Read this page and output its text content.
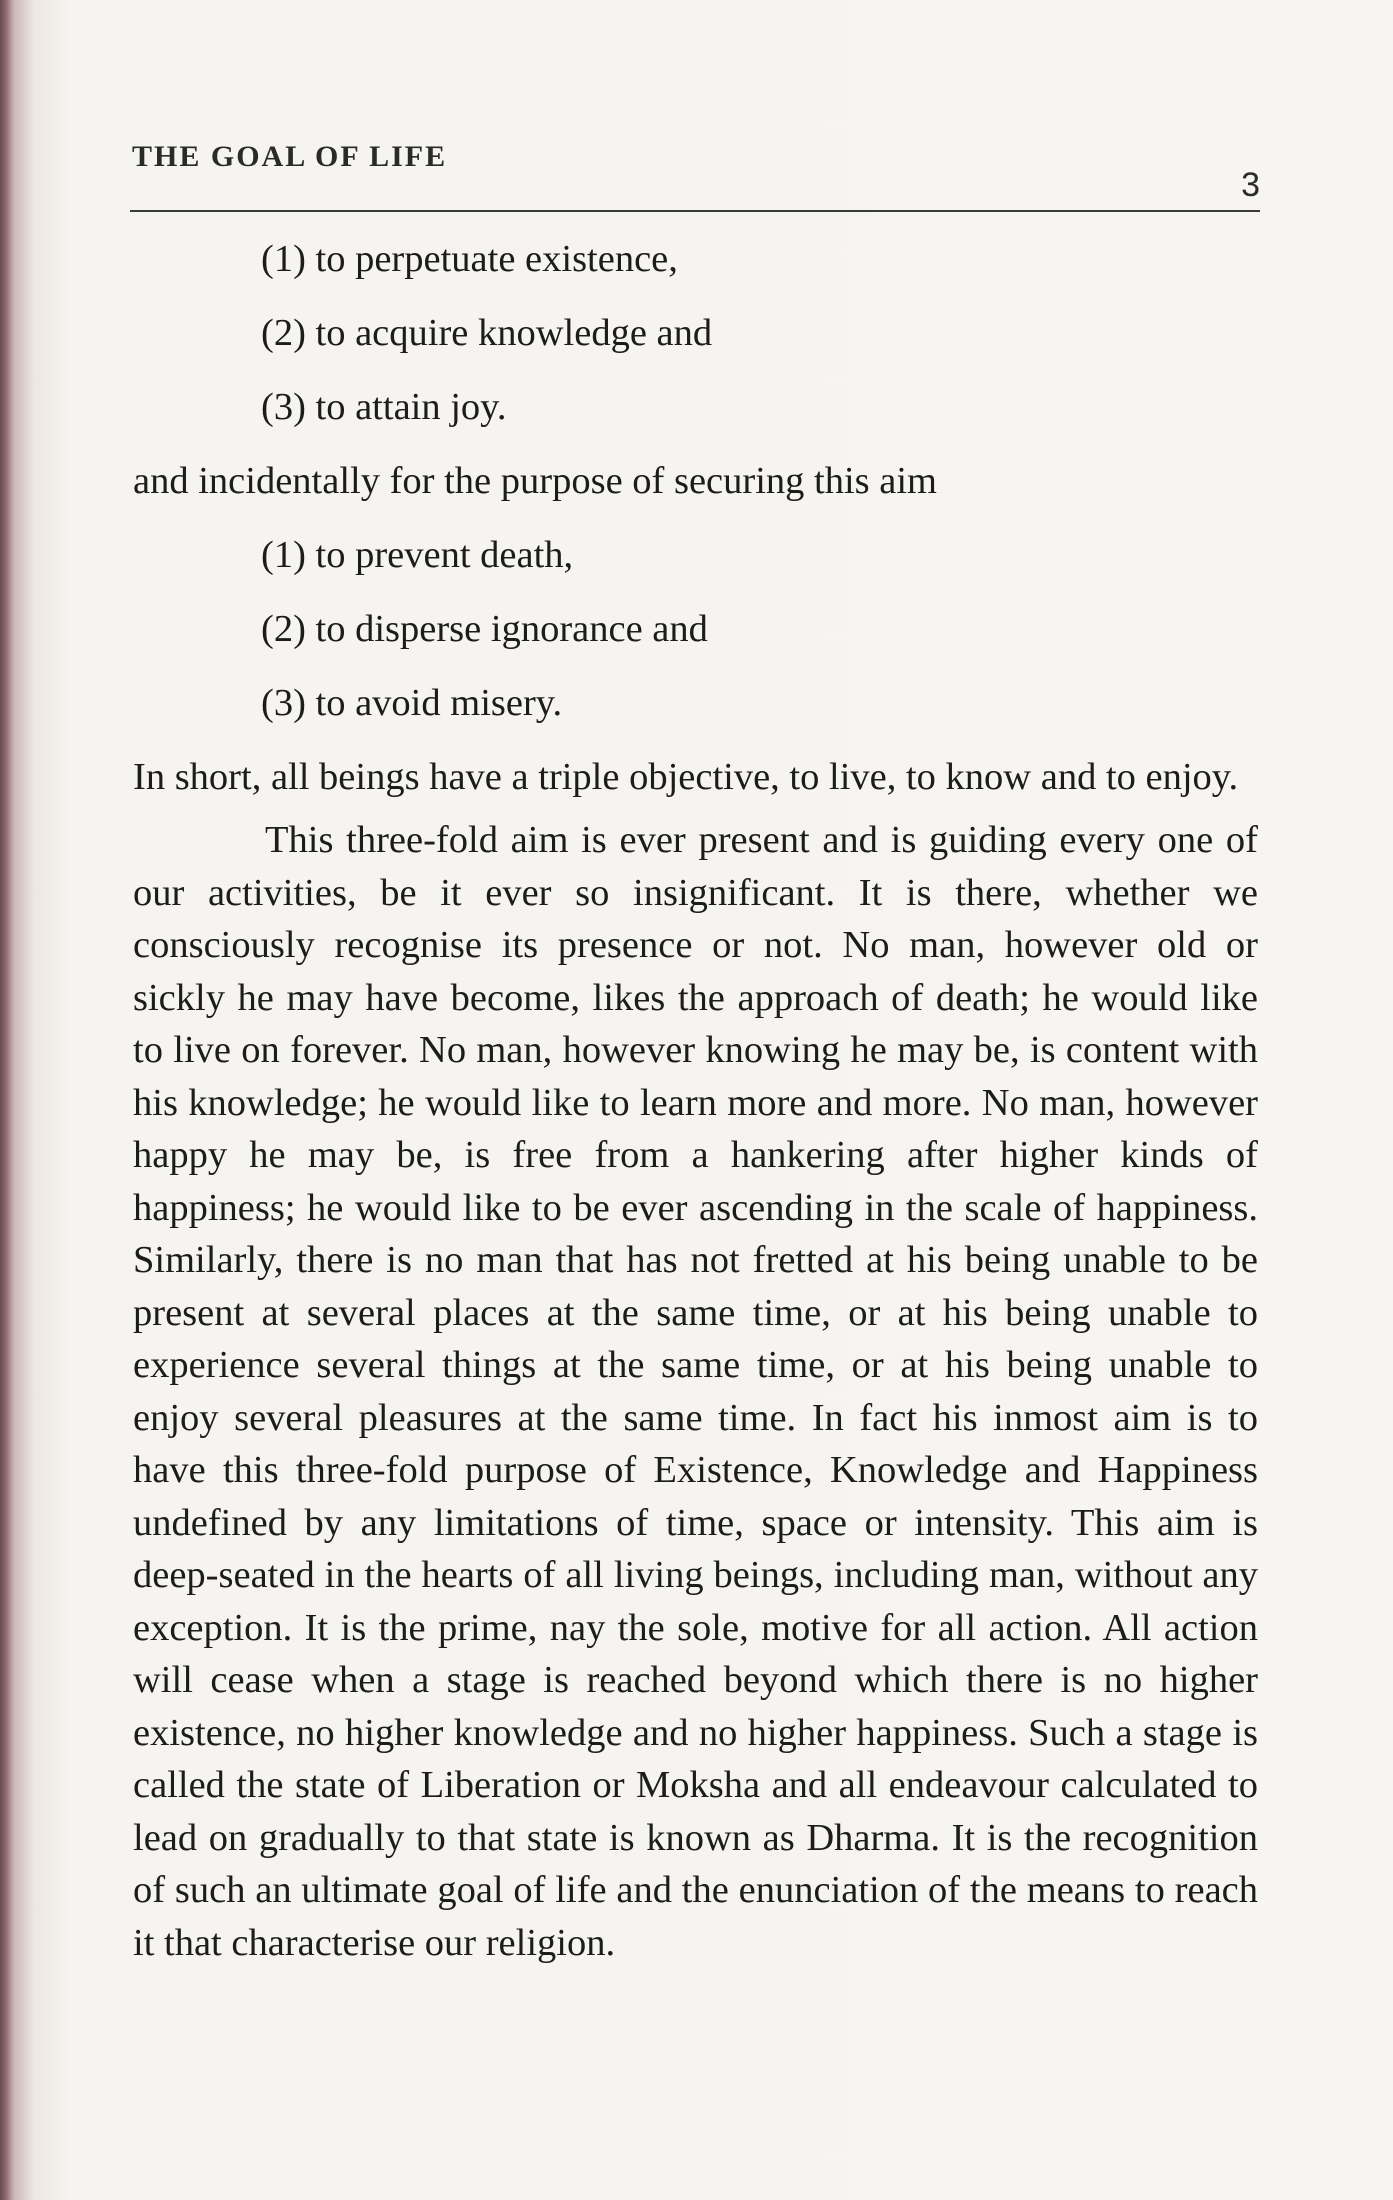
THE GOAL OF LIFE
3
(1) to perpetuate existence,
(2) to acquire knowledge and
(3) to attain joy.
and incidentally for the purpose of securing this aim
(1) to prevent death,
(2) to disperse ignorance and
(3) to avoid misery.
In short, all beings have a triple objective, to live, to know and to enjoy.

This three-fold aim is ever present and is guiding every one of our activities, be it ever so insignificant. It is there, whether we consciously recognise its presence or not. No man, however old or sickly he may have become, likes the approach of death; he would like to live on forever. No man, however knowing he may be, is content with his knowledge; he would like to learn more and more. No man, however happy he may be, is free from a hankering after higher kinds of happiness; he would like to be ever ascending in the scale of happiness. Similarly, there is no man that has not fretted at his being unable to be present at several places at the same time, or at his being unable to experience several things at the same time, or at his being unable to enjoy several pleasures at the same time. In fact his inmost aim is to have this three-fold purpose of Existence, Knowledge and Happiness undefined by any limitations of time, space or intensity. This aim is deep-seated in the hearts of all living beings, including man, without any exception. It is the prime, nay the sole, motive for all action. All action will cease when a stage is reached beyond which there is no higher existence, no higher knowledge and no higher happiness. Such a stage is called the state of Liberation or Moksha and all endeavour calculated to lead on gradually to that state is known as Dharma. It is the recognition of such an ultimate goal of life and the enunciation of the means to reach it that characterise our religion.
